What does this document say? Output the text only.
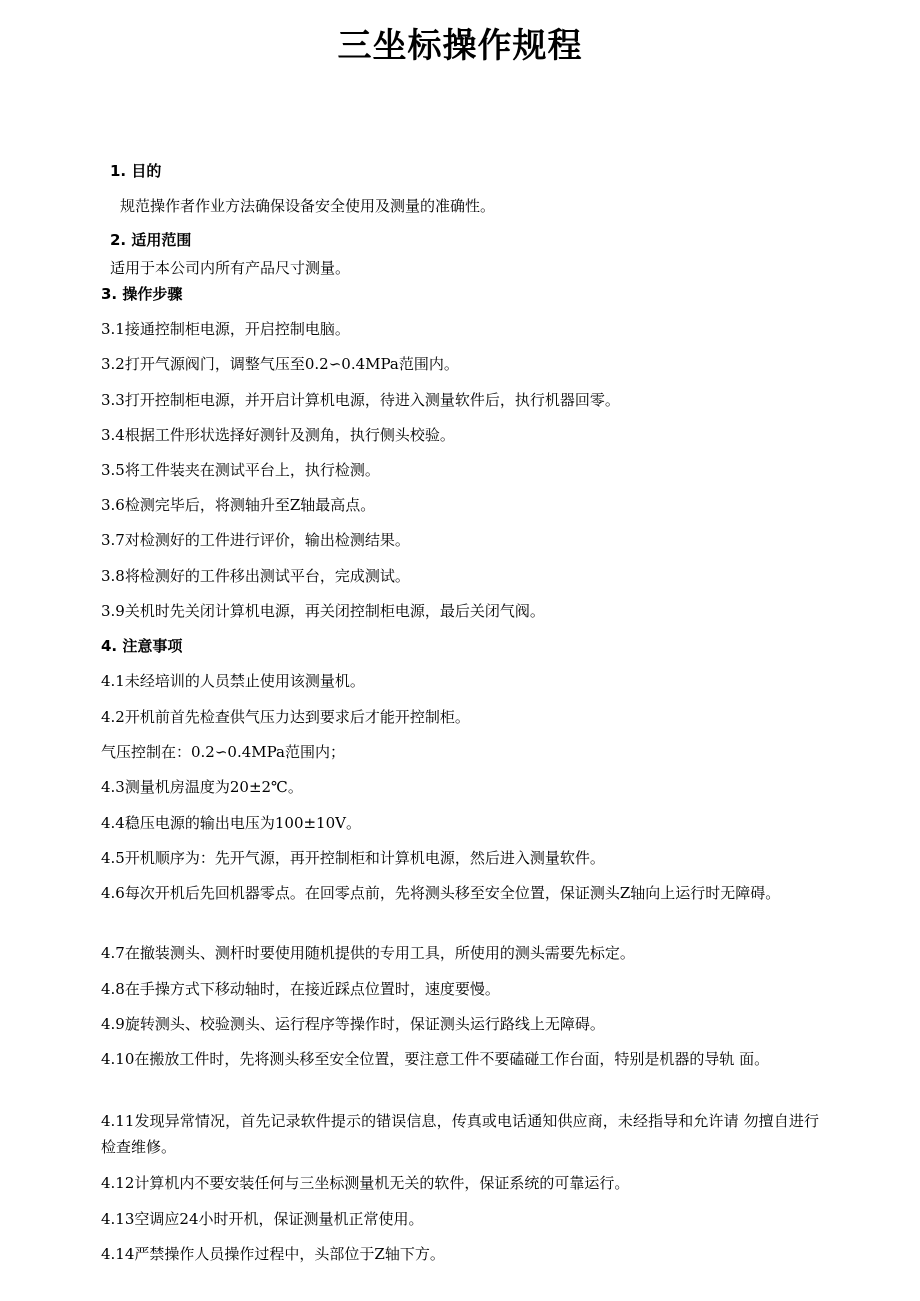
三坐标操作规程
1. 目的
规范操作者作业方法确保设备安全使用及测量的准确性。
2. 适用范围
适用于本公司内所有产品尺寸测量。
3. 操作步骤
3.1接通控制柜电源，开启控制电脑。
3.2打开气源阀门，调整气压至0.2∽0.4MPa范围内。
3.3打开控制柜电源，并开启计算机电源，待进入测量软件后，执行机器回零。
3.4根据工件形状选择好测针及测角，执行侧头校验。
3.5将工件装夹在测试平台上，执行检测。
3.6检测完毕后，将测轴升至Z轴最高点。
3.7对检测好的工件进行评价，输出检测结果。
3.8将检测好的工件移出测试平台，完成测试。
3.9关机时先关闭计算机电源，再关闭控制柜电源，最后关闭气阀。
4. 注意事项
4.1未经培训的人员禁止使用该测量机。
4.2开机前首先检查供气压力达到要求后才能开控制柜。
气压控制在：0.2∽0.4MPa范围内；
4.3测量机房温度为20±2℃。
4.4稳压电源的输出电压为100±10V。
4.5开机顺序为：先开气源，再开控制柜和计算机电源，然后进入测量软件。
4.6每次开机后先回机器零点。在回零点前，先将测头移至安全位置，保证测头Z轴向上运行时无障碍。
4.7在撤装测头、测杆时要使用随机提供的专用工具，所使用的测头需要先标定。
4.8在手操方式下移动轴时，在接近踩点位置时，速度要慢。
4.9旋转测头、校验测头、运行程序等操作时，保证测头运行路线上无障碍。
4.10在搬放工件时，先将测头移至安全位置，要注意工件不要磕碰工作台面，特别是机器的导轨 面。
4.11发现异常情况，首先记录软件提示的错误信息，传真或电话通知供应商，未经指导和允许请 勿擅自进行检查维修。
4.12计算机内不要安装任何与三坐标测量机无关的软件，保证系统的可靠运行。
4.13空调应24小时开机，保证测量机正常使用。
4.14严禁操作人员操作过程中，头部位于Z轴下方。
